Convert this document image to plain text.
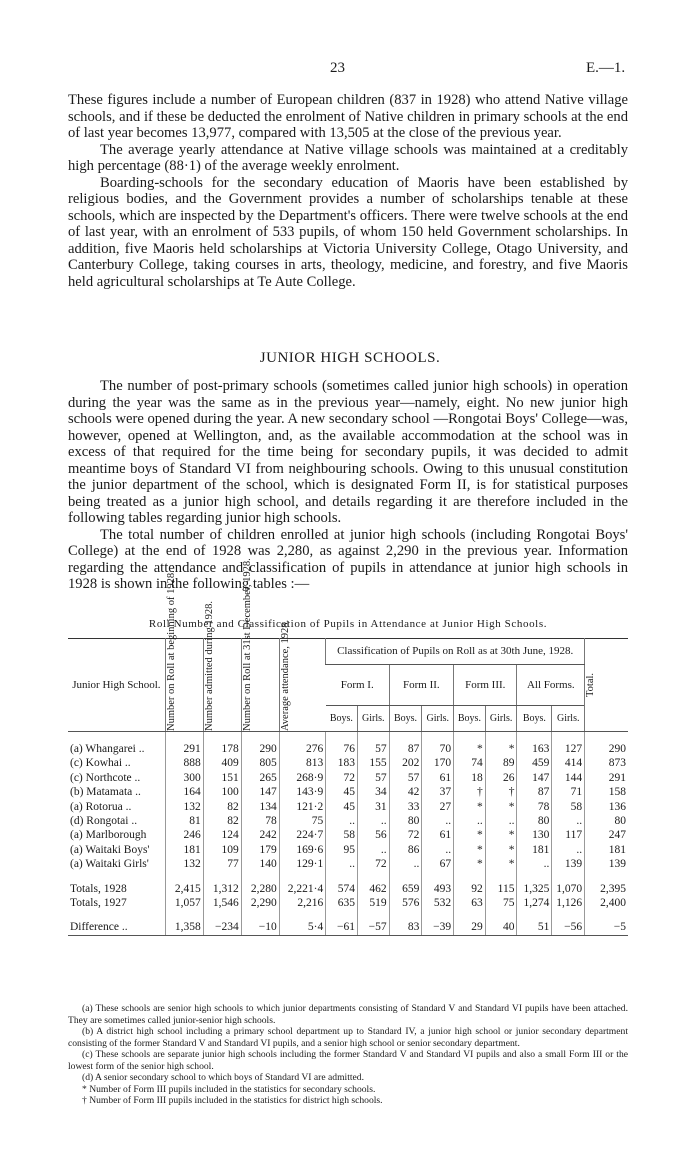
23	E.—1.

These figures include a number of European children (837 in 1928) who attend Native village schools, and if these be deducted the enrolment of Native children in primary schools at the end of last year becomes 13,977, compared with 13,505 at the close of the previous year.

The average yearly attendance at Native village schools was maintained at a creditably high percentage (88·1) of the average weekly enrolment.

Boarding-schools for the secondary education of Maoris have been established by religious bodies, and the Government provides a number of scholarships tenable at these schools, which are inspected by the Department's officers. There were twelve schools at the end of last year, with an enrolment of 533 pupils, of whom 150 held Government scholarships. In addition, five Maoris held scholarships at Victoria University College, Otago University, and Canterbury College, taking courses in arts, theology, medicine, and forestry, and five Maoris held agricultural scholarships at Te Aute College.

JUNIOR HIGH SCHOOLS.

The number of post-primary schools (sometimes called junior high schools) in operation during the year was the same as in the previous year—namely, eight. No new junior high schools were opened during the year. A new secondary school —Rongotai Boys' College—was, however, opened at Wellington, and, as the available accommodation at the school was in excess of that required for the time being for secondary pupils, it was decided to admit meantime boys of Standard VI from neighbouring schools. Owing to this unusual constitution the junior department of the school, which is designated Form II, is for statistical purposes being treated as a junior high school, and details regarding it are therefore included in the following tables regarding junior high schools.

The total number of children enrolled at junior high schools (including Rongotai Boys' College) at the end of 1928 was 2,280, as against 2,290 in the previous year. Information regarding the attendance and classification of pupils in attendance at junior high schools in 1928 is shown in the following tables :—

Roll Number and Classification of Pupils in Attendance at Junior High Schools.
Junior High School.	Number on Roll at beginning of 1928.	Number admitted during 1928.	Number on Roll at 31st December, 1928.	Average attendance, 1928.	Classification of Pupils on Roll as at 30th June, 1928.								Total.

					Form I.		Form II.		Form III.		All Forms.		
					Boys.	Girls.	Boys.	Girls.	Boys.	Girls.	Boys.	Girls.	

(a) Whangarei ..	291	178	290	276	76	57	87	70	*	*	163	127	290
(c) Kowhai ..	888	409	805	813	183	155	202	170	74	89	459	414	873
(c) Northcote ..	300	151	265	268·9	72	57	57	61	18	26	147	144	291
(b) Matamata ..	164	100	147	143·9	45	34	42	37	†	†	87	71	158
(a) Rotorua ..	132	82	134	121·2	45	31	33	27	*	*	78	58	136
(d) Rongotai ..	81	82	78	75	..	..	80	..	..	..	80	..	80
(a) Marlborough	246	124	242	224·7	58	56	72	61	*	*	130	117	247
(a) Waitaki Boys'	181	109	179	169·6	95	..	86	..	*	*	181	..	181
(a) Waitaki Girls'	132	77	140	129·1	..	72	..	67	*	*	..	139	139

Totals, 1928	2,415	1,312	2,280	2,221·4	574	462	659	493	92	115	1,325	1,070	2,395
Totals, 1927	1,057	1,546	2,290	2,216	635	519	576	532	63	75	1,274	1,126	2,400

Difference ..	1,358	−234	−10	5·4	−61	−57	83	−39	29	40	51	−56	−5

(a) These schools are senior high schools to which junior departments consisting of Standard V and Standard VI pupils have been attached. They are sometimes called junior-senior high schools.

(b) A district high school including a primary school department up to Standard IV, a junior high school or junior secondary department consisting of the former Standard V and Standard VI pupils, and a senior high school or senior secondary department.

(c) These schools are separate junior high schools including the former Standard V and Standard VI pupils and also a small Form III or the lowest form of the senior high school.

(d) A senior secondary school to which boys of Standard VI are admitted.

* Number of Form III pupils included in the statistics for secondary schools.

† Number of Form III pupils included in the statistics for district high schools.
